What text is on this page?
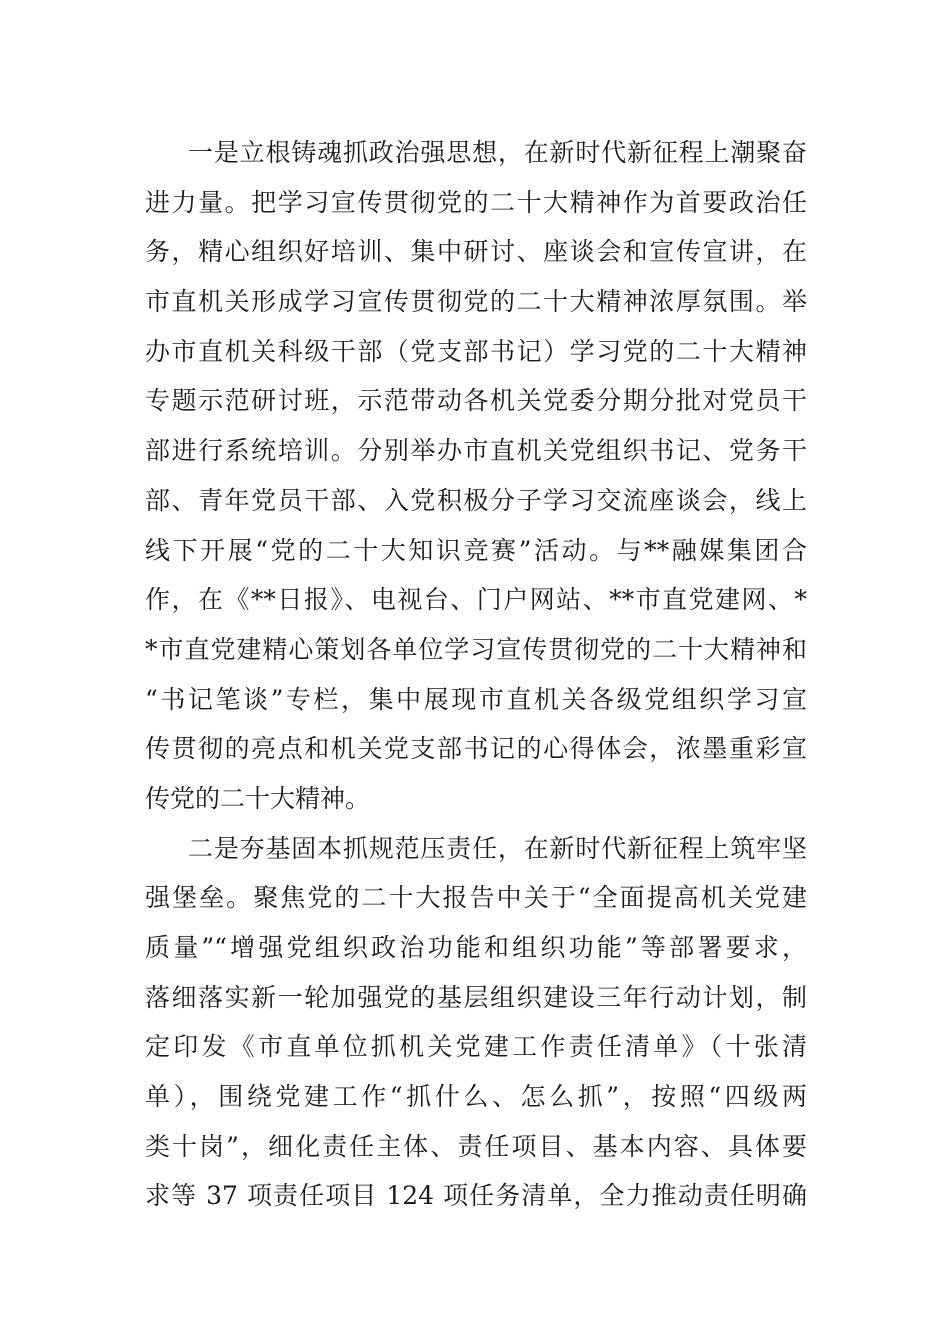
一是立根铸魂抓政治强思想，在新时代新征程上潮聚奋
进力量。把学习宣传贯彻党的二十大精神作为首要政治任
务，精心组织好培训、集中研讨、座谈会和宣传宣讲，在
市直机关形成学习宣传贯彻党的二十大精神浓厚氛围。举
办市直机关科级干部（党支部书记）学习党的二十大精神
专题示范研讨班，示范带动各机关党委分期分批对党员干
部进行系统培训。分别举办市直机关党组织书记、党务干
部、青年党员干部、入党积极分子学习交流座谈会，线上
线下开展“党的二十大知识竞赛”活动。与**融媒集团合
作，在《**日报》、电视台、门户网站、**市直党建网、*
*市直党建精心策划各单位学习宣传贯彻党的二十大精神和
“书记笔谈”专栏，集中展现市直机关各级党组织学习宣
传贯彻的亮点和机关党支部书记的心得体会，浓墨重彩宣
传党的二十大精神。
二是夯基固本抓规范压责任，在新时代新征程上筑牢坚
强堡垒。聚焦党的二十大报告中关于“全面提高机关党建
质量”“增强党组织政治功能和组织功能”等部署要求，
落细落实新一轮加强党的基层组织建设三年行动计划，制
定印发《市直单位抓机关党建工作责任清单》（十张清
单），围绕党建工作“抓什么、怎么抓”，按照“四级两
类十岗”，细化责任主体、责任项目、基本内容、具体要
求等 37 项责任项目 124 项任务清单，全力推动责任明确
